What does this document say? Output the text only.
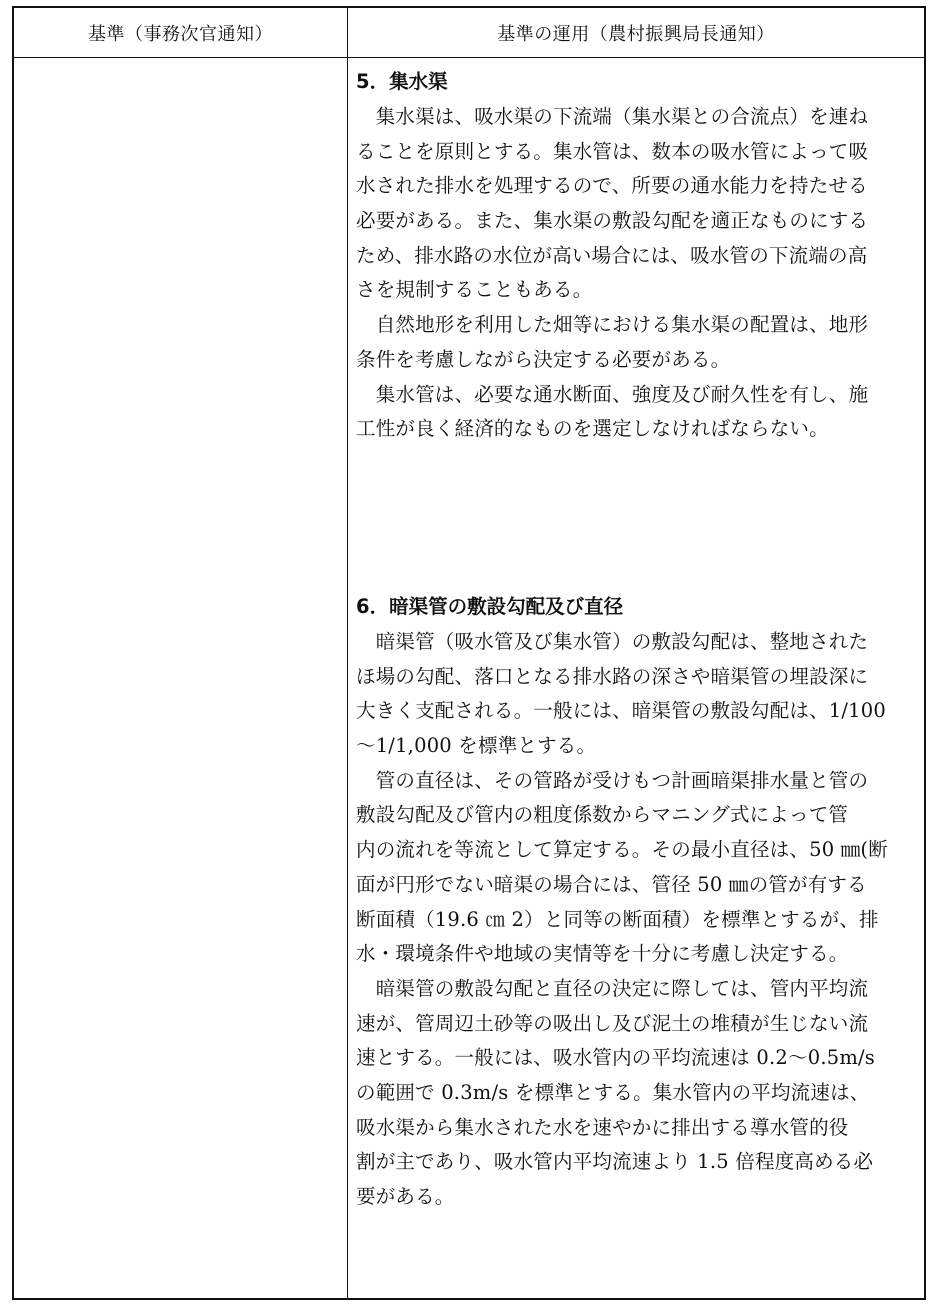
基準（事務次官通知）	基準の運用（農村振興局長通知）
5．集水渠
　集水渠は、吸水渠の下流端（集水渠との合流点）を連ね
ることを原則とする。集水管は、数本の吸水管によって吸
水された排水を処理するので、所要の通水能力を持たせる
必要がある。また、集水渠の敷設勾配を適正なものにする
ため、排水路の水位が高い場合には、吸水管の下流端の高
さを規制することもある。
　自然地形を利用した畑等における集水渠の配置は、地形
条件を考慮しながら決定する必要がある。
　集水管は、必要な通水断面、強度及び耐久性を有し、施
工性が良く経済的なものを選定しなければならない。
6．暗渠管の敷設勾配及び直径
　暗渠管（吸水管及び集水管）の敷設勾配は、整地された
ほ場の勾配、落口となる排水路の深さや暗渠管の埋設深に
大きく支配される。一般には、暗渠管の敷設勾配は、1/100
～1/1,000 を標準とする。
　管の直径は、その管路が受けもつ計画暗渠排水量と管の
敷設勾配及び管内の粗度係数からマニング式によって管
内の流れを等流として算定する。その最小直径は、50 ㎜(断
面が円形でない暗渠の場合には、管径 50 ㎜の管が有する
断面積（19.6 ㎝ 2）と同等の断面積）を標準とするが、排
水・環境条件や地域の実情等を十分に考慮し決定する。
　暗渠管の敷設勾配と直径の決定に際しては、管内平均流
速が、管周辺土砂等の吸出し及び泥土の堆積が生じない流
速とする。一般には、吸水管内の平均流速は 0.2～0.5m/s
の範囲で 0.3m/s を標準とする。集水管内の平均流速は、
吸水渠から集水された水を速やかに排出する導水管的役
割が主であり、吸水管内平均流速より 1.5 倍程度高める必
要がある。
